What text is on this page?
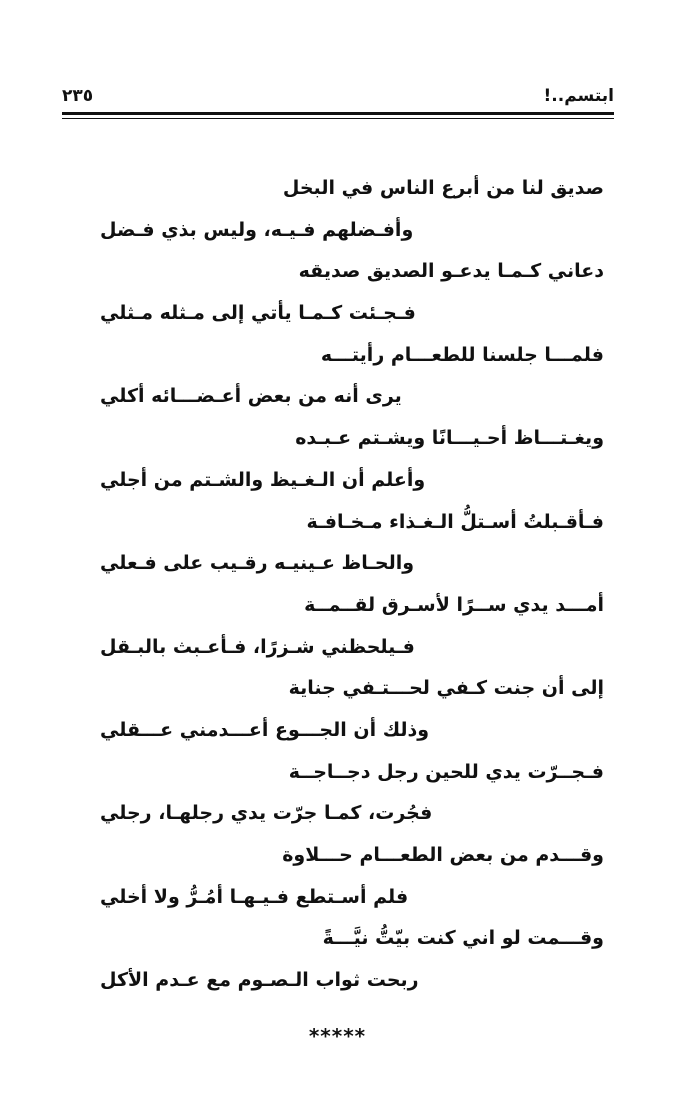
ابتسم..!
٢٣٥
صديق لنا من أبرع الناس في البخل
وأفـضلهم فـيـه، وليس بذي فـضل
دعاني كـمـا يدعـو الصديق صديقه
فـجـئت كـمـا يأتي إلى مـثله مـثلي
فلمـــا جلسنا للطعـــام رأيتـــه
يرى أنه من بعض أعـضـــائه أكلي
ويغـتـــاظ أحـيـــانًا ويشـتم عـبـده
وأعلم أن الـغـيظ والشـتم من أجلي
فـأقـبلتُ أسـتلُّ الـغـذاء مـخـافـة
والحـاظ عـينيـه رقـيب على فـعلي
أمـــد يدي ســرًا لأسـرق لقــمــة
فـيلحظني شـزرًا، فـأعـبث بالبـقل
إلى أن جنت كـفي لحـــتـفي جناية
وذلك أن الجـــوع أعـــدمني عـــقلي
فـجــرّت يدي للحين رجل دجــاجــة
فجُرت، كمـا جرّت يدي رجلهـا، رجلي
وقـــدم من بعض الطعـــام حـــلاوة
فلم أسـتطع فـيـهـا أمُـرُّ ولا أخلي
وقـــمت لو اني كنت بيّتُّ نيَّـــةً
ربحت ثواب الـصـوم مع عـدم الأكل
*****
